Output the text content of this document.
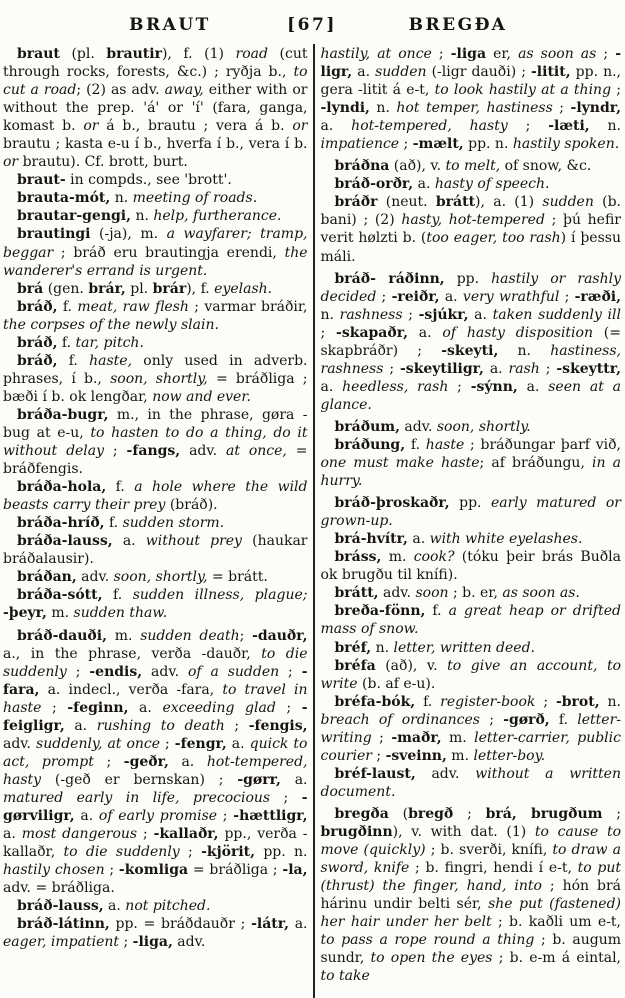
BRAUT	[67]	BREGÐA

braut (pl. brautir), f. (1) road (cut through rocks, forests, &c.) ; ryðja b., to cut a road; (2) as adv. away, either with or without the prep. 'á' or 'í' (fara, ganga, komast b. or á b., brautu ; vera á b. or brautu ; kasta e-u í b., hverfa í b., vera í b. or brautu). Cf. brott, burt.

braut- in compds., see 'brott'.

brauta-mót, n. meeting of roads.

brautar-gengi, n. help, furtherance.

brautingi (-ja), m. a wayfarer; tramp, beggar ; bráð eru brautingja erendi, the wanderer's errand is urgent.

brá (gen. brár, pl. brár), f. eyelash.

bráð, f. meat, raw flesh ; varmar bráðir, the corpses of the newly slain.

bráð, f. tar, pitch.

bráð, f. haste, only used in adverb. phrases, í b., soon, shortly, = bráðliga ; bæði í b. ok lengðar, now and ever.

bráða-bugr, m., in the phrase, gøra -bug at e-u, to hasten to do a thing, do it without delay ; -fangs, adv. at once, = bráðfengis.

bráða-hola, f. a hole where the wild beasts carry their prey (bráð).

bráða-hríð, f. sudden storm.

bráða-lauss, a. without prey (haukar bráðalausir).

bráðan, adv. soon, shortly, = brátt.

bráða-sótt, f. sudden illness, plague; -þeyr, m. sudden thaw.

bráð-dauði, m. sudden death; -dauðr, a., in the phrase, verða -dauðr, to die suddenly ; -endis, adv. of a sudden ; -fara, a. indecl., verða -fara, to travel in haste ; -feginn, a. exceeding glad ; -feigligr, a. rushing to death ; -fengis, adv. suddenly, at once ; -fengr, a. quick to act, prompt ; -geðr, a. hot-tempered, hasty (-geð er bernskan) ; -gørr, a. matured early in life, precocious ; -gørviligr, a. of early promise ; -hættligr, a. most dangerous ; -kallaðr, pp., verða -kallaðr, to die suddenly ; -kjörit, pp. n. hastily chosen ; -komliga = bráðliga ; -la, adv. = bráðliga.

bráð-lauss, a. not pitched.

bráð-látinn, pp. = bráðdauðr ; -látr, a. eager, impatient ; -liga, adv.

hastily, at once ; -liga er, as soon as ; -ligr, a. sudden (-ligr dauði) ; -litit, pp. n., gera -litit á e-t, to look hastily at a thing ; -lyndi, n. hot temper, hastiness ; -lyndr, a. hot-tempered, hasty ; -læti, n. impatience ; -mælt, pp. n. hastily spoken.

bráðna (að), v. to melt, of snow, &c.

bráð-orðr, a. hasty of speech.

bráðr (neut. brátt), a. (1) sudden (b. bani) ; (2) hasty, hot-tempered ; þú hefir verit hølzti b. (too eager, too rash) í þessu máli.

bráð- ráðinn, pp. hastily or rashly decided ; -reiðr, a. very wrathful ; -ræði, n. rashness ; -sjúkr, a. taken suddenly ill ; -skapaðr, a. of hasty disposition (= skapbráðr) ; -skeyti, n. hastiness, rashness ; -skeytiligr, a. rash ; -skeyttr, a. heedless, rash ; -sýnn, a. seen at a glance.

bráðum, adv. soon, shortly.

bráðung, f. haste ; bráðungar þarf við, one must make haste; af bráðungu, in a hurry.

bráð-þroskaðr, pp. early matured or grown-up.

brá-hvítr, a. with white eyelashes.

bráss, m. cook? (tóku þeir brás Buðla ok brugðu til knífi).

brátt, adv. soon ; b. er, as soon as.

breða-fönn, f. a great heap or drifted mass of snow.

bréf, n. letter, written deed.

bréfa (að), v. to give an account, to write (b. af e-u).

bréfa-bók, f. register-book ; -brot, n. breach of ordinances ; -gørð, f. letter-writing ; -maðr, m. letter-carrier, public courier ; -sveinn, m. letter-boy.

bréf-laust, adv. without a written document.

bregða (bregð ; brá, brugðum ; brugðinn), v. with dat. (1) to cause to move (quickly) ; b. sverði, knífi, to draw a sword, knife ; b. fingri, hendi í e-t, to put (thrust) the finger, hand, into ; hón brá hárinu undir belti sér, she put (fastened) her hair under her belt ; b. kaðli um e-t, to pass a rope round a thing ; b. augum sundr, to open the eyes ; b. e-m á eintal, to take
